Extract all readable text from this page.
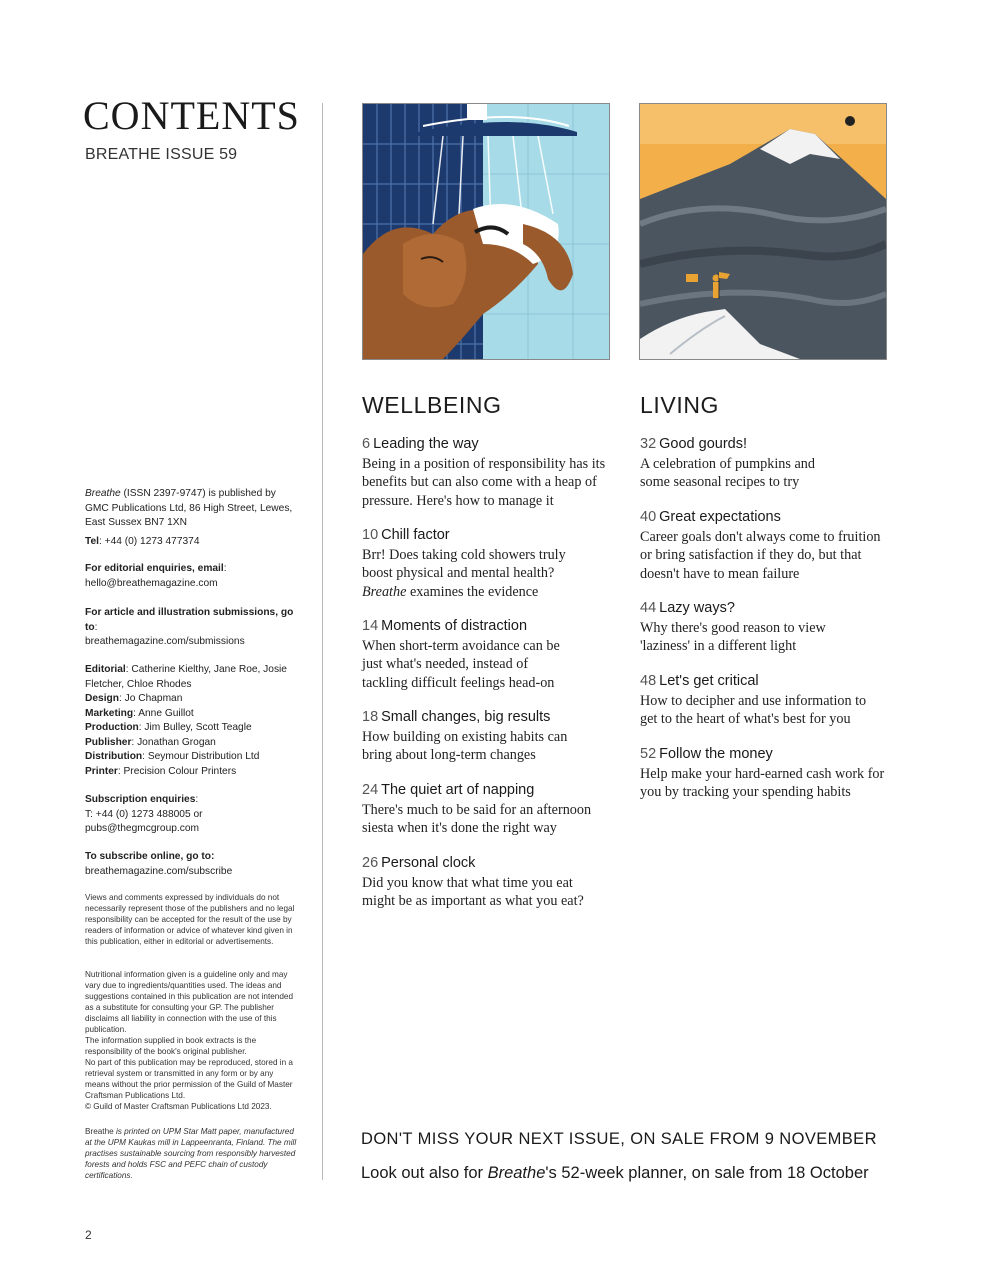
CONTENTS
BREATHE ISSUE 59

Breathe (ISSN 2397-9747) is published by GMC Publications Ltd, 86 High Street, Lewes, East Sussex BN7 1XN

Tel: +44 (0) 1273 477374

For editorial enquiries, email:

hello@breathemagazine.com

For article and illustration submissions, go to:

breathemagazine.com/submissions

Editorial: Catherine Kielthy, Jane Roe, Josie Fletcher, Chloe Rhodes

Design: Jo Chapman

Marketing: Anne Guillot

Production: Jim Bulley, Scott Teagle

Publisher: Jonathan Grogan

Distribution: Seymour Distribution Ltd

Printer: Precision Colour Printers

Subscription enquiries:

T: +44 (0) 1273 488005 or

pubs@thegmcgroup.com

To subscribe online, go to:

breathemagazine.com/subscribe

Views and comments expressed by individuals do not necessarily represent those of the publishers and no legal responsibility can be accepted for the result of the use by readers of information or advice of whatever kind given in this publication, either in editorial or advertisements.

Nutritional information given is a guideline only and may vary due to ingredients/quantities used. The ideas and suggestions contained in this publication are not intended as a substitute for consulting your GP. The publisher disclaims all liability in connection with the use of this publication.

The information supplied in book extracts is the responsibility of the book's original publisher.

No part of this publication may be reproduced, stored in a retrieval system or transmitted in any form or by any means without the prior permission of the Guild of Master Craftsman Publications Ltd.

© Guild of Master Craftsman Publications Ltd 2023.

Breathe is printed on UPM Star Matt paper, manufactured at the UPM Kaukas mill in Lappeenranta, Finland. The mill practises sustainable sourcing from responsibly harvested forests and holds FSC and PEFC chain of custody certifications.
WELLBEING	LIVING
6 Leading the way
Being in a position of responsibility has its benefits but can also come with a heap of pressure. Here's how to manage it
10 Chill factor
Brr! Does taking cold showers truly boost physical and mental health? Breathe examines the evidence
14 Moments of distraction
When short-term avoidance can be just what's needed, instead of tackling difficult feelings head-on
18 Small changes, big results
How building on existing habits can bring about long-term changes
24 The quiet art of napping
There's much to be said for an afternoon siesta when it's done the right way
26 Personal clock
Did you know that what time you eat might be as important as what you eat?
32 Good gourds!
A celebration of pumpkins and some seasonal recipes to try
40 Great expectations
Career goals don't always come to fruition or bring satisfaction if they do, but that doesn't have to mean failure
44 Lazy ways?
Why there's good reason to view 'laziness' in a different light
48 Let's get critical
How to decipher and use information to get to the heart of what's best for you
52 Follow the money
Help make your hard-earned cash work for you by tracking your spending habits
DON'T MISS YOUR NEXT ISSUE, ON SALE FROM 9 NOVEMBER
Look out also for Breathe's 52-week planner, on sale from 18 October
2
